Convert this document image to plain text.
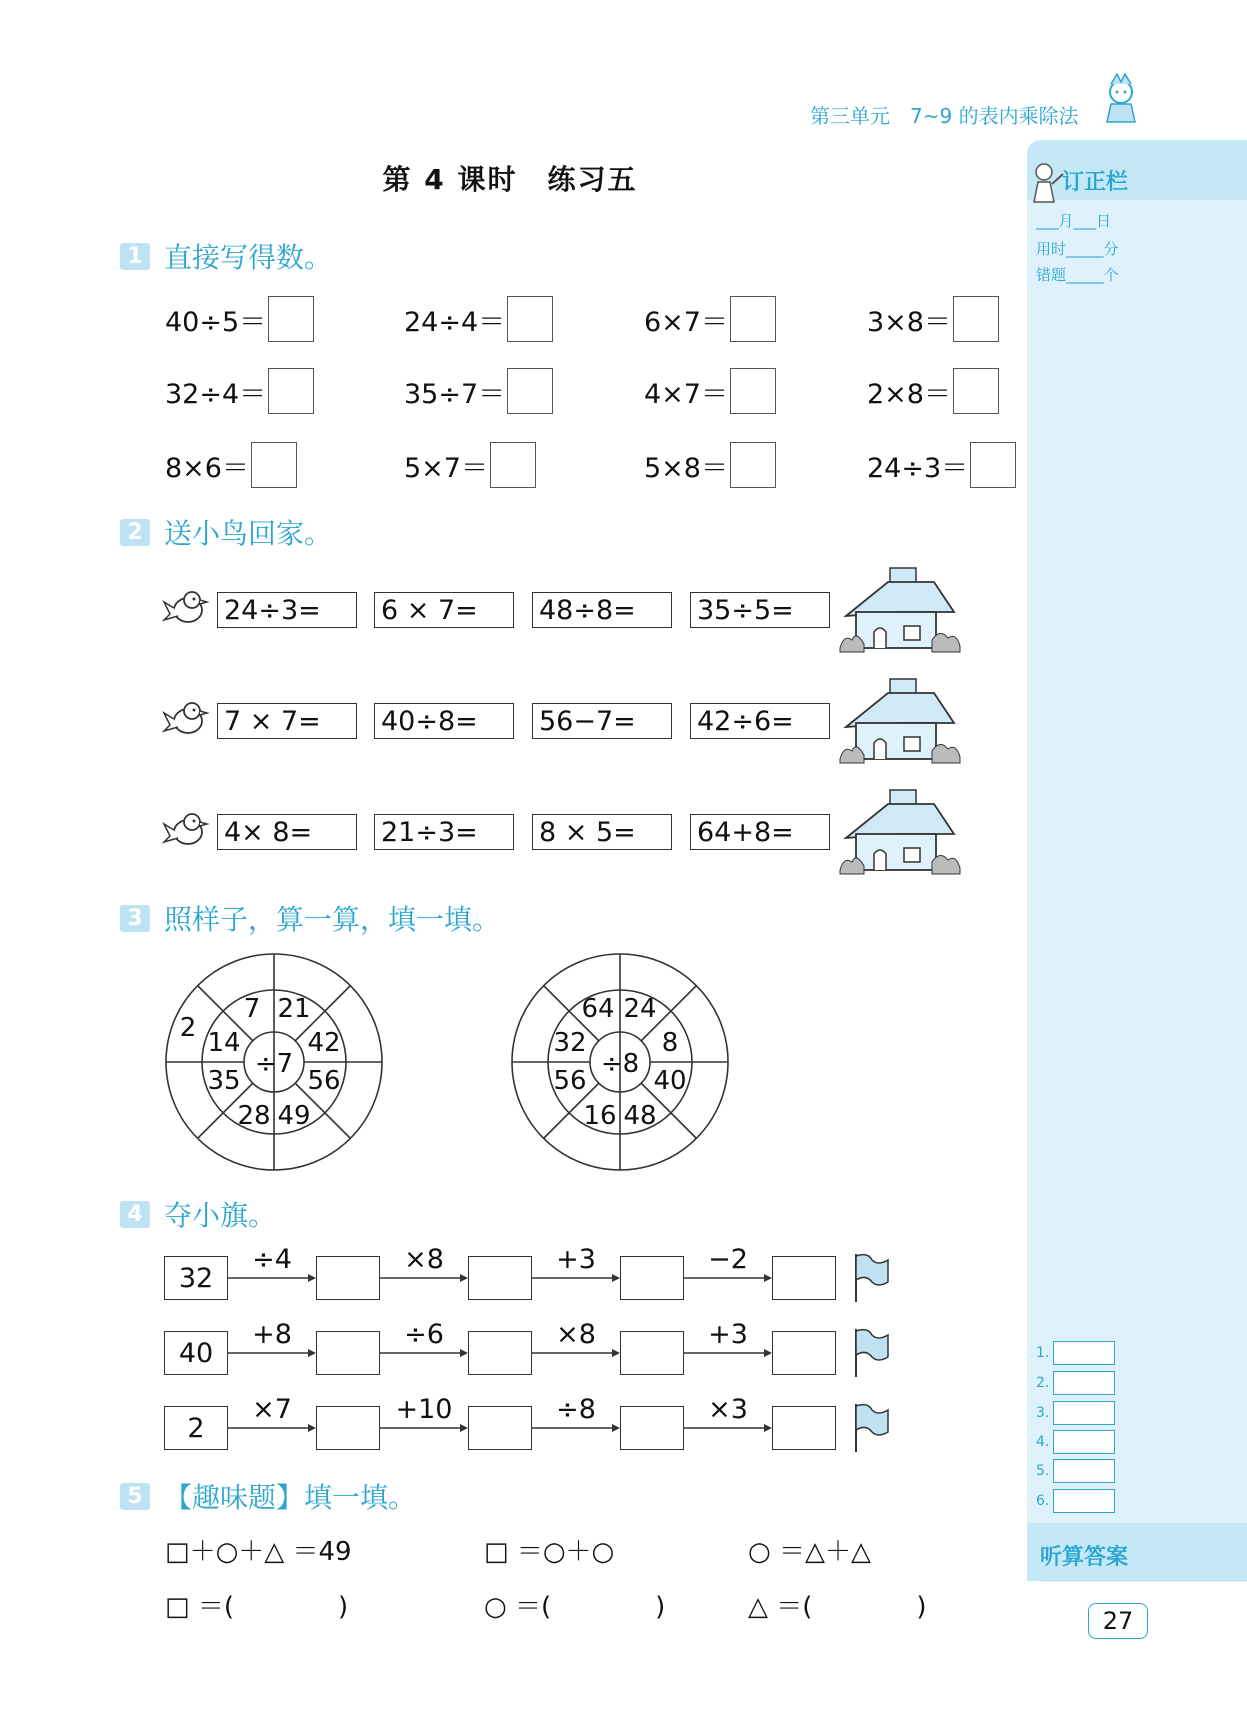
第三单元　7~9 的表内乘除法
第 4 课时　练习五	订正栏
___月___日
用时_____分
错题_____个
1.
2.
3.
4.
5.
6.
听算答案
27
1 直接写得数。
40÷5＝	24÷4＝	6×7＝	3×8＝
32÷4＝	35÷7＝	4×7＝	2×8＝
8×6＝	5×7＝	5×8＝	24÷3＝
2 送小鸟回家。
24÷3=	6 × 7=	48÷8=	35÷5=
7 × 7=	40÷8=	56−7=	42÷6=
4× 8=	21÷3=	8 × 5=	64+8=
3 照样子，算一算，填一填。
÷7
7 21
42
56
49
28
35
14
2
÷8
24
8
40
48
16
56
32
64
4 夺小旗。
32
÷4	×8	+3	−2
40
+8	÷6	×8	+3
2
×7	+10	÷8	×3
5 【趣味题】填一填。
□＋○＋△ ＝49	□ ＝○＋○	○ ＝△＋△
□ ＝(　　　　)	○ ＝(　　　　)	△ ＝(　　　　)
